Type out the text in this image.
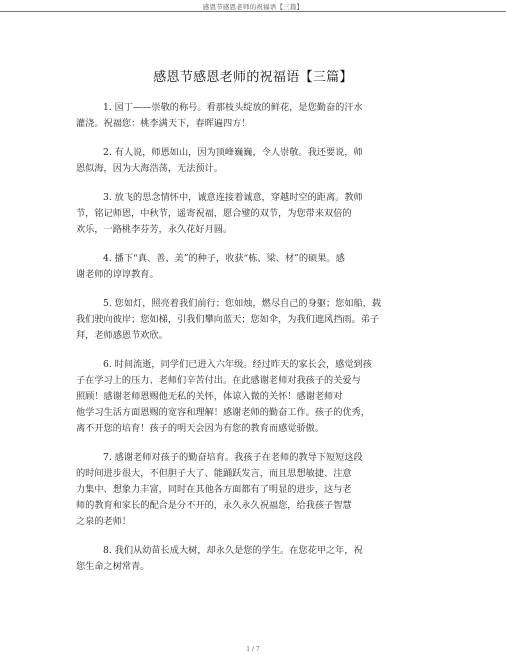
感恩节感恩老师的祝福语【三篇】
感恩节感恩老师的祝福语【三篇】

1. 园丁——崇敬的称号。看那枝头绽放的鲜花，是您勤奋的汗水
灌浇。祝福您：桃李满天下，春晖遍四方！

2. 有人说，师恩如山，因为顶峰巍巍，令人崇敬。我还要说，师
恩似海，因为大海浩荡，无法预计。

3. 放飞的思念情怀中，诚意连接着诚意，穿越时空的距离。教师
节，铭记师恩，中秋节，遥寄祝福，愿合璧的双节，为您带来双倍的
欢乐，一路桃李芬芳，永久花好月圆。

4. 播下“真、善、美”的种子，收获“栋、梁、材”的硕果。感
谢老师的谆谆教育。

5. 您如灯，照亮着我们前行；您如烛，燃尽自己的身躯；您如船，载
我们驶向彼岸；您如梯，引我们攀向蓝天；您如伞，为我们遮风挡雨。弟子
拜，老师感恩节欢欣。

6. 时间流逝，同学们已进入六年级。经过昨天的家长会，感觉到孩
子在学习上的压力、老师们辛苦付出。在此感谢老师对我孩子的关爱与
照顾！感谢老师恩赐他无私的关怀，体谅入微的关怀！感谢老师对
他学习生活方面恩赐的宽容和理解！感谢老师的勤奋工作。孩子的优秀，
离不开您的培育！孩子的明天会因为有您的教育而感觉骄傲。

7. 感谢老师对孩子的勤奋培育。我孩子在老师的教导下短短这段
的时间进步很大，不但胆子大了、能踊跃发言，而且思想敏捷、注意
力集中、想象力丰富，同时在其他各方面都有了明显的进步，这与老
师的教育和家长的配合是分不开的，永久永久祝福您，给我孩子智慧
之泉的老师！

8. 我们从幼苗长成大树，却永久是您的学生。在您花甲之年，祝
您生命之树常青。

1 / 7
